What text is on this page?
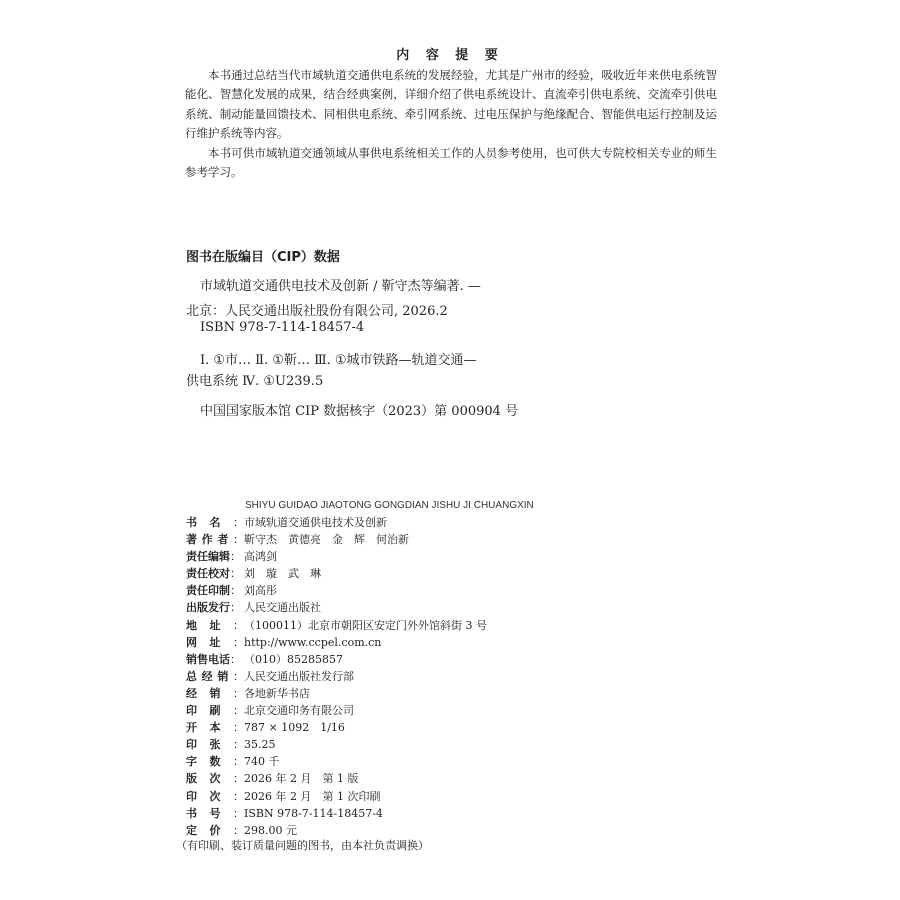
内 容 提 要

本书通过总结当代市域轨道交通供电系统的发展经验，尤其是广州市的经验，吸收近年来供电系统智能化、智慧化发展的成果，结合经典案例，详细介绍了供电系统设计、直流牵引供电系统、交流牵引供电系统、制动能量回馈技术、同相供电系统、牵引网系统、过电压保护与绝缘配合、智能供电运行控制及运行维护系统等内容。

本书可供市域轨道交通领域从事供电系统相关工作的人员参考使用，也可供大专院校相关专业的师生参考学习。

图书在版编目（CIP）数据
市域轨道交通供电技术及创新 / 靳守杰等编著. —
北京：人民交通出版社股份有限公司, 2026.2
ISBN 978-7-114-18457-4
Ⅰ. ①市… Ⅱ. ①靳… Ⅲ. ①城市铁路—轨道交通—
供电系统 Ⅳ. ①U239.5
中国国家版本馆 CIP 数据核字（2023）第 000904 号
SHIYU GUIDAO JIAOTONG GONGDIAN JISHU JI CHUANGXIN
书 名 ： 市域轨道交通供电技术及创新
著 作 者 ： 靳守杰　黄德亮　金　辉　何治新
责任编辑 ： 高鸿剑
责任校对 ： 刘　璇　武　琳
责任印制 ： 刘高彤
出版发行 ： 人民交通出版社
地 址 ： （100011）北京市朝阳区安定门外外馆斜街 3 号
网 址 ： http://www.ccpel.com.cn
销售电话 ： （010）85285857
总 经 销 ： 人民交通出版社发行部
经 销 ： 各地新华书店
印 刷 ： 北京交通印务有限公司
开 本 ： 787 × 1092　1/16
印 张 ： 35.25
字 数 ： 740 千
版 次 ： 2026 年 2 月　第 1 版
印 次 ： 2026 年 2 月　第 1 次印刷
书 号 ： ISBN 978-7-114-18457-4
定 价 ： 298.00 元
（有印刷、装订质量问题的图书，由本社负责调换）
